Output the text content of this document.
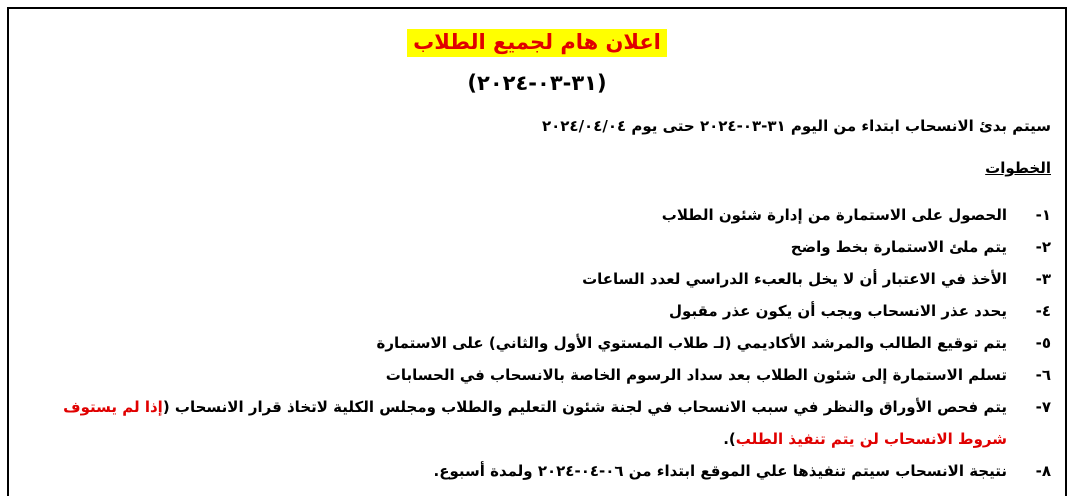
اعلان هام لجميع الطلاب
(٣١-٠٣-٢٠٢٤)
سيتم بدئ الانسحاب ابتداء من اليوم ٣١-٠٣-٢٠٢٤ حتى يوم ٢٠٢٤/٠٤/٠٤
الخطوات
١-
الحصول على الاستمارة من إدارة شئون الطلاب
٢-
يتم ملئ الاستمارة بخط واضح
٣-
الأخذ في الاعتبار أن لا يخل بالعبء الدراسي لعدد الساعات
٤-
يحدد عذر الانسحاب ويجب أن يكون عذر مقبول
٥-
يتم توقيع الطالب والمرشد الأكاديمي (لـ طلاب المستوي الأول والثاني) على الاستمارة
٦-
تسلم الاستمارة إلى شئون الطلاب بعد سداد الرسوم الخاصة بالانسحاب في الحسابات
٧-
يتم فحص الأوراق والنظر في سبب الانسحاب في لجنة شئون التعليم والطلاب ومجلس الكلية لاتخاذ قرار الانسحاب (إذا لم يستوف شروط الانسحاب لن يتم تنفيذ الطلب).
٨-
نتيجة الانسحاب سيتم تنفيذها علي الموقع ابتداء من ٠٦-٠٤-٢٠٢٤ ولمدة أسبوع.
